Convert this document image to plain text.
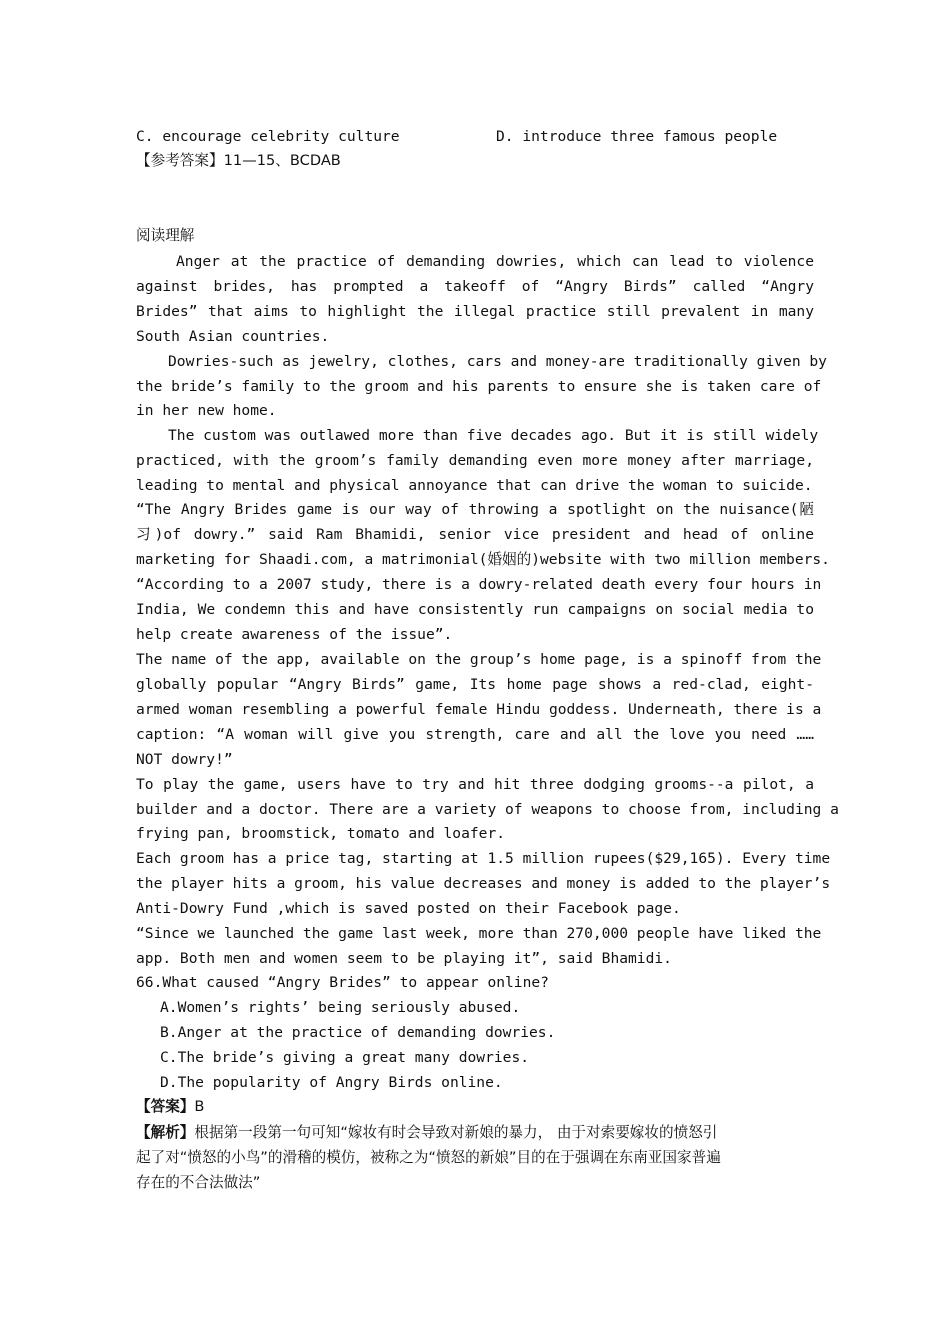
C. encourage celebrity culture	D. introduce three famous people

【参考答案】11—15、BCDAB

阅读理解

Anger at the practice of demanding dowries, which can lead to violence

against brides, has prompted a takeoff of “Angry Birds” called “Angry

Brides” that aims to highlight the illegal practice still prevalent in many

South Asian countries.

Dowries-such as jewelry, clothes, cars and money-are traditionally given by

the bride’s family to the groom and his parents to ensure she is taken care of

in her new home.

The custom was outlawed more than five decades ago. But it is still widely

practiced, with the groom’s family demanding even more money after marriage,

leading to mental and physical annoyance that can drive the woman to suicide.

“The Angry Brides game is our way of throwing a spotlight on the nuisance(陋

习)of dowry.” said Ram Bhamidi, senior vice president and head of online

marketing for Shaadi.com, a matrimonial(婚姻的)website with two million members.

“According to a 2007 study, there is a dowry-related death every four hours in

India, We condemn this and have consistently run campaigns on social media to

help create awareness of the issue”.

The name of the app, available on the group’s home page, is a spinoff from the

globally popular “Angry Birds” game, Its home page shows a red-clad, eight-

armed woman resembling a powerful female Hindu goddess. Underneath, there is a

caption: “A woman will give you strength, care and all the love you need ……

NOT dowry!”

To play the game, users have to try and hit three dodging grooms--a pilot, a

builder and a doctor. There are a variety of weapons to choose from, including a

frying pan, broomstick, tomato and loafer.

Each groom has a price tag, starting at 1.5 million rupees($29,165). Every time

the player hits a groom, his value decreases and money is added to the player’s

Anti-Dowry Fund ,which is saved posted on their Facebook page.

“Since we launched the game last week, more than 270,000 people have liked the

app. Both men and women seem to be playing it”, said Bhamidi.

66.What caused “Angry Brides” to appear online?

A.Women’s rights’ being seriously abused.

B.Anger at the practice of demanding dowries.

C.The bride’s giving a great many dowries.

D.The popularity of Angry Birds online.

【答案】B

【解析】根据第一段第一句可知“嫁妆有时会导致对新娘的暴力， 由于对索要嫁妆的愤怒引

起了对“愤怒的小鸟”的滑稽的模仿，被称之为“愤怒的新娘”目的在于强调在东南亚国家普遍

存在的不合法做法”
